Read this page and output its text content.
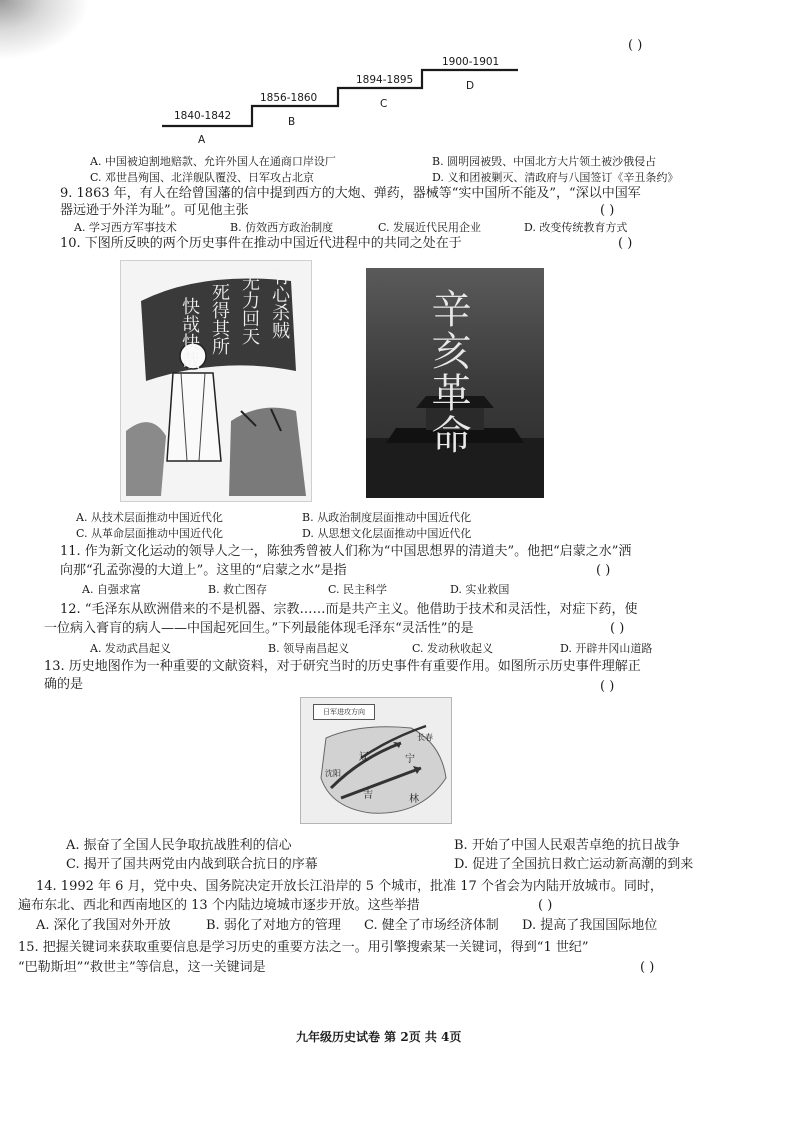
( )
1840-1842
A
1856-1860
B
1894-1895
C
1900-1901
D
A. 中国被迫割地赔款、允许外国人在通商口岸设厂	B. 圆明园被毁、中国北方大片领土被沙俄侵占
C. 邓世昌殉国、北洋舰队覆没、日军攻占北京	D. 义和团被剿灭、清政府与八国签订《辛丑条约》
9. 1863 年，有人在给曾国藩的信中提到西方的大炮、弹药，器械等“实中国所不能及”，“深以中国军
器远逊于外洋为耻”。可见他主张	( )
A. 学习西方军事技术	B. 仿效西方政治制度	C. 发展近代民用企业	D. 改变传统教育方式
10. 下图所反映的两个历史事件在推动中国近代进程中的共同之处在于	( )
有心杀贼
无力回天
死得其所
快哉快哉	辛亥革命
A. 从技术层面推动中国近代化	B. 从政治制度层面推动中国近代化
C. 从革命层面推动中国近代化	D. 从思想文化层面推动中国近代化
11. 作为新文化运动的领导人之一，陈独秀曾被人们称为“中国思想界的清道夫”。他把“启蒙之水”洒
向那“孔孟弥漫的大道上”。这里的“启蒙之水”是指	( )
A. 自强求富	B. 救亡图存	C. 民主科学	D. 实业救国
12. “毛泽东从欧洲借来的不是机器、宗教……而是共产主义。他借助于技术和灵活性，对症下药，使
一位病入膏肓的病人——中国起死回生。”下列最能体现毛泽东“灵活性”的是	( )
A. 发动武昌起义	B. 领导南昌起义	C. 发动秋收起义	D. 开辟井冈山道路
13. 历史地图作为一种重要的文献资料，对于研究当时的历史事件有重要作用。如图所示历史事件理解正
确的是	( )
日军进攻方向
辽	宁
吉	林
沈阳
长春
A. 振奋了全国人民争取抗战胜利的信心	B. 开始了中国人民艰苦卓绝的抗日战争
C. 揭开了国共两党由内战到联合抗日的序幕	D. 促进了全国抗日救亡运动新高潮的到来
14. 1992 年 6 月，党中央、国务院决定开放长江沿岸的 5 个城市，批准 17 个省会为内陆开放城市。同时，
遍布东北、西北和西南地区的 13 个内陆边境城市逐步开放。这些举措	( )
A. 深化了我国对外开放	B. 弱化了对地方的管理 C. 健全了市场经济体制 D. 提高了我国国际地位
15. 把握关键词来获取重要信息是学习历史的重要方法之一。用引擎搜索某一关键词，得到“1 世纪”
“巴勒斯坦”“救世主”等信息，这一关键词是	( )
九年级历史试卷 第 2页 共 4页
